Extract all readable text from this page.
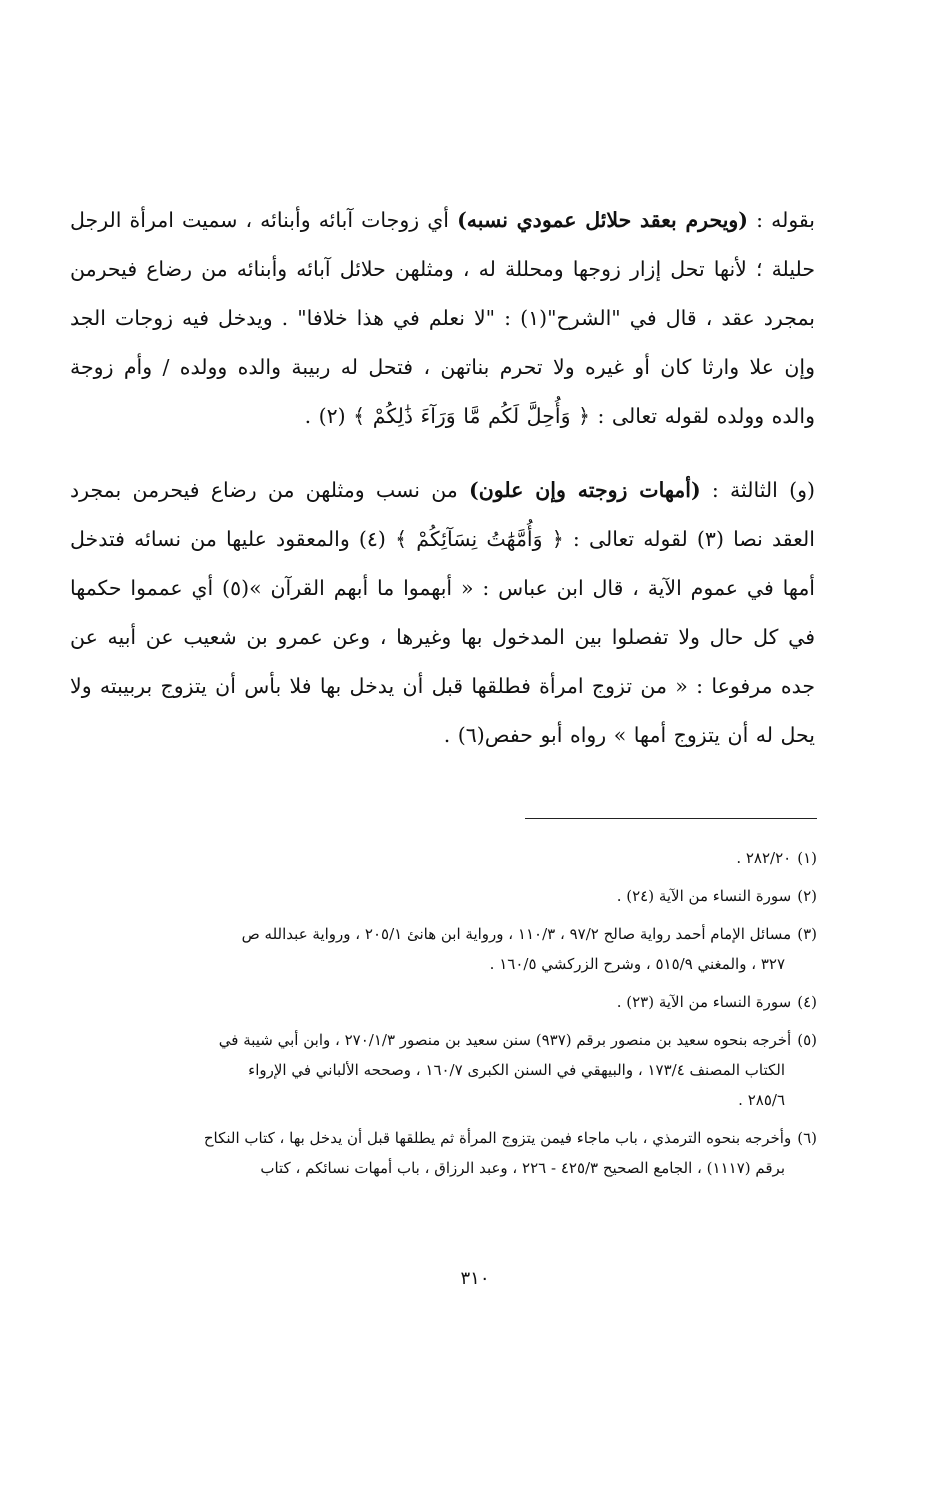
بقوله : (ويحرم بعقد حلائل عمودي نسبه) أي زوجات آبائه وأبنائه ، سميت امرأة الرجل حليلة ؛ لأنها تحل إزار زوجها ومحللة له ، ومثلهن حلائل آبائه وأبنائه من رضاع فيحرمن بمجرد عقد ، قال في "الشرح"(١) : "لا نعلم في هذا خلافا" . ويدخل فيه زوجات الجد وإن علا وارثا كان أو غيره ولا تحرم بناتهن ، فتحل له ربيبة والده وولده / وأم زوجة والده وولده لقوله تعالى : ﴿ وَأُحِلَّ لَكُم مَّا وَرَآءَ ذَٰلِكُمْ ﴾ (٢) .
(و) الثالثة : (أمهات زوجته وإن علون) من نسب ومثلهن من رضاع فيحرمن بمجرد العقد نصا (٣) لقوله تعالى : ﴿ وَأُمَّهَٰتُ نِسَآئِكُمْ ﴾ (٤) والمعقود عليها من نسائه فتدخل أمها في عموم الآية ، قال ابن عباس : « أبهموا ما أبهم القرآن »(٥) أي عمموا حكمها في كل حال ولا تفصلوا بين المدخول بها وغيرها ، وعن عمرو بن شعيب عن أبيه عن جده مرفوعا : « من تزوج امرأة فطلقها قبل أن يدخل بها فلا بأس أن يتزوج بربيبته ولا يحل له أن يتزوج أمها » رواه أبو حفص(٦) .
(١)٢٨٢/٢٠ .
(٢)سورة النساء من الآية (٢٤) .
(٣)مسائل الإمام أحمد رواية صالح ٩٧/٢ ، ١١٠/٣ ، ورواية ابن هانئ ٢٠٥/١ ، ورواية عبدالله ص
٣٢٧ ، والمغني ٥١٥/٩ ، وشرح الزركشي ١٦٠/٥ .
(٤)سورة النساء من الآية (٢٣) .
(٥)أخرجه بنحوه سعيد بن منصور برقم (٩٣٧) سنن سعيد بن منصور ٢٧٠/١/٣ ، وابن أبي شيبة في
الكتاب المصنف ١٧٣/٤ ، والبيهقي في السنن الكبرى ١٦٠/٧ ، وصححه الألباني في الإرواء
٢٨٥/٦ .
(٦)وأخرجه بنحوه الترمذي ، باب ماجاء فيمن يتزوج المرأة ثم يطلقها قبل أن يدخل بها ، كتاب النكاح
برقم (١١١٧) ، الجامع الصحيح ٤٢٥/٣ - ٢٢٦ ، وعبد الرزاق ، باب أمهات نسائكم ، كتاب
٣١٠
